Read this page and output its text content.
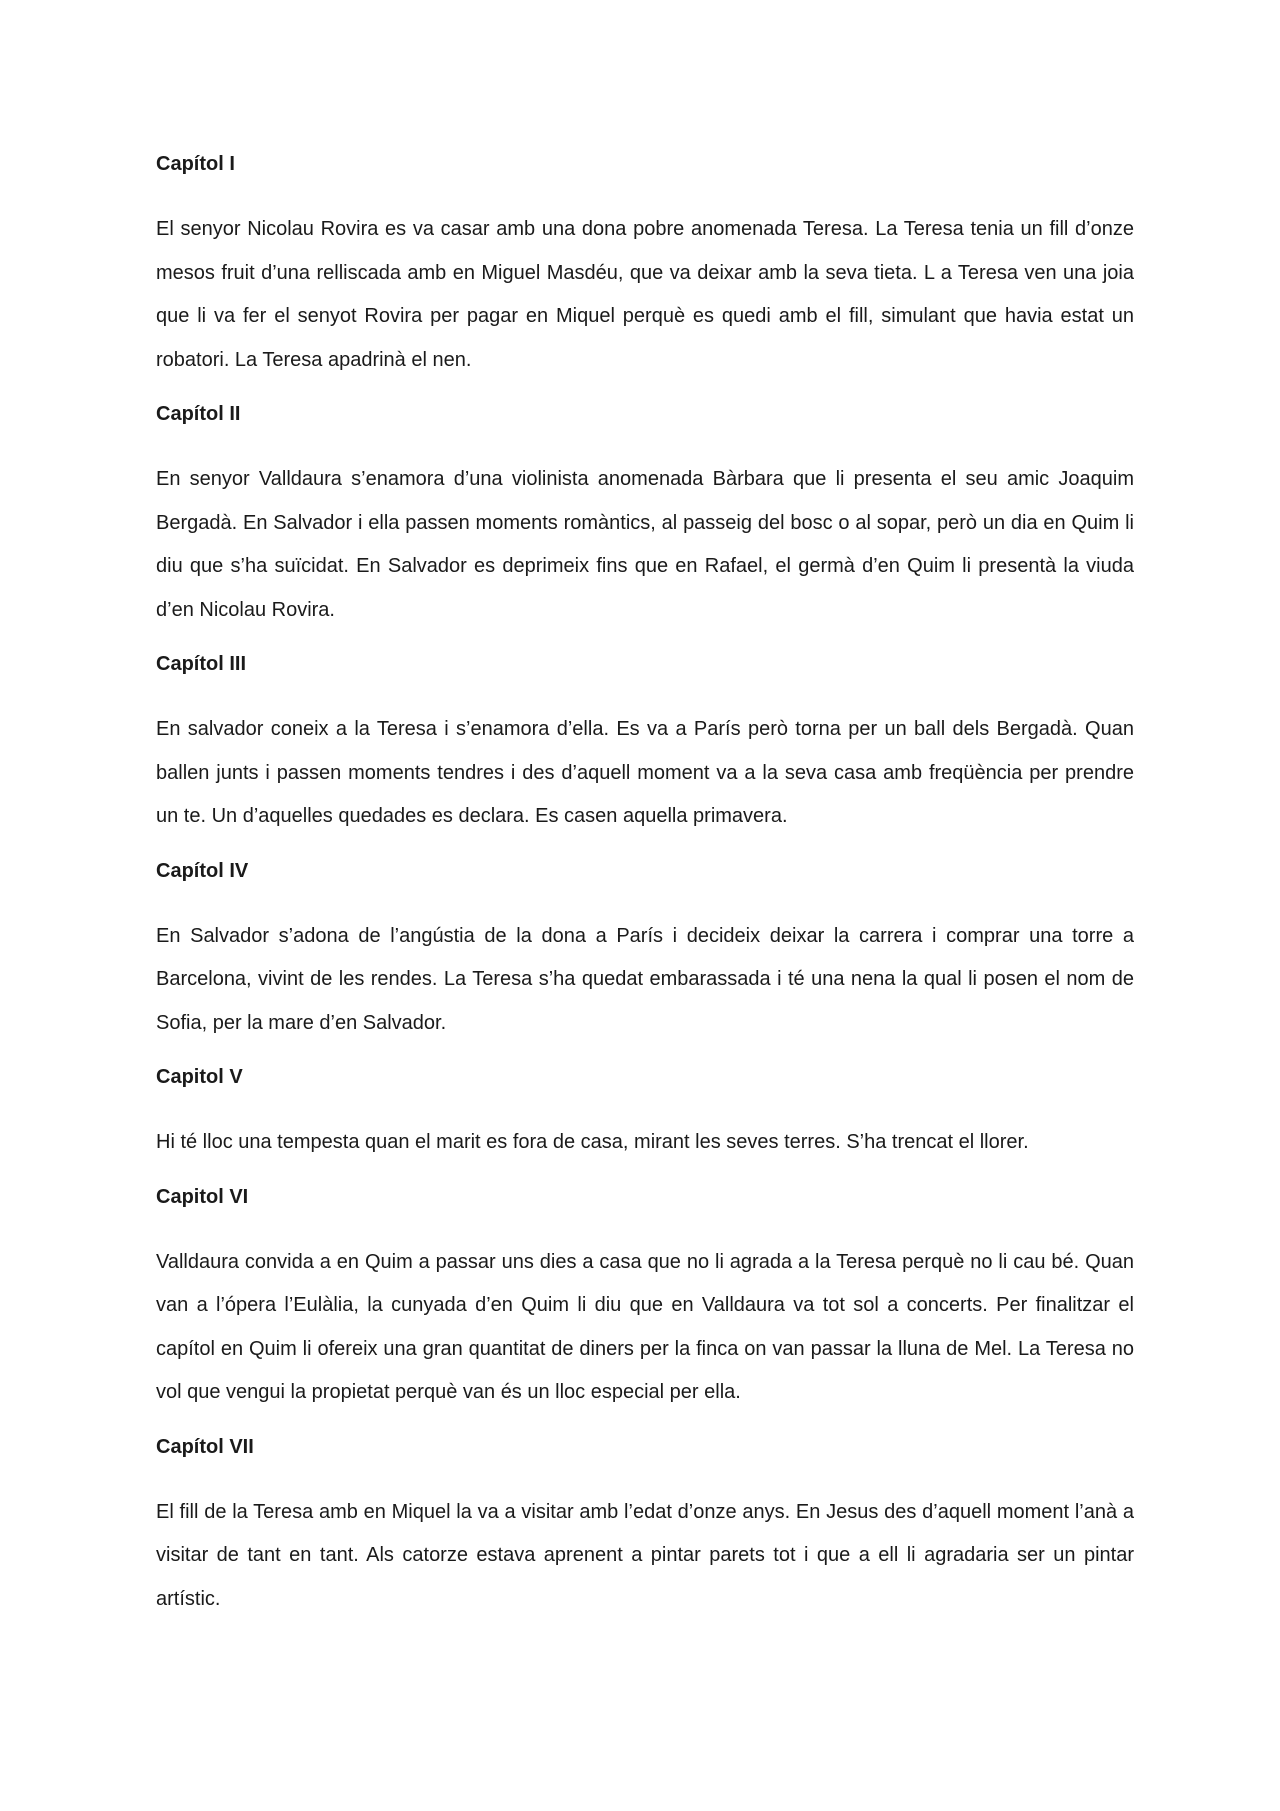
Capítol I

El senyor Nicolau Rovira es va casar amb una dona pobre anomenada Teresa. La Teresa tenia un fill d’onze mesos fruit d’una relliscada amb en Miguel Masdéu, que va deixar amb la seva tieta. L a Teresa ven una joia que li va fer el senyot Rovira per pagar en Miquel perquè es quedi amb el fill, simulant que havia estat un robatori. La Teresa apadrinà el nen.

Capítol II

En senyor Valldaura s’enamora d’una violinista anomenada Bàrbara que li presenta el seu amic Joaquim Bergadà. En Salvador i ella passen moments romàntics, al passeig del bosc o al sopar, però un dia en Quim li diu que s’ha suïcidat. En Salvador es deprimeix fins que en Rafael, el germà d’en Quim li presentà la viuda d’en Nicolau Rovira.

Capítol III

En salvador coneix a la Teresa i s’enamora d’ella. Es va a París però torna per un ball dels Bergadà. Quan ballen junts i passen moments tendres i des d’aquell moment va a la seva casa amb freqüència per prendre un te. Un d’aquelles quedades es declara. Es casen aquella primavera.

Capítol IV

En Salvador s’adona de l’angústia de la dona a París i decideix deixar la carrera i comprar una torre a Barcelona, vivint de les rendes. La Teresa s’ha quedat embarassada i té una nena la qual li posen el nom de Sofia, per la mare d’en Salvador.

Capitol V

Hi té lloc una tempesta quan el marit es fora de casa, mirant les seves terres. S’ha trencat el llorer.

Capitol VI

Valldaura convida a en Quim a passar uns dies a casa que no li agrada a la Teresa perquè no li cau bé. Quan van a l’ópera l’Eulàlia, la cunyada d’en Quim li diu que en Valldaura va tot sol a concerts. Per finalitzar el capítol en Quim li ofereix una gran quantitat de diners per la finca on van passar la lluna de Mel. La Teresa no vol que vengui la propietat perquè van és un lloc especial per ella.

Capítol VII

El fill de la Teresa amb en Miquel la va a visitar amb l’edat d’onze anys. En Jesus des d’aquell moment l’anà a visitar de tant en tant. Als catorze estava aprenent a pintar parets tot i que a ell li agradaria ser un pintar artístic.
